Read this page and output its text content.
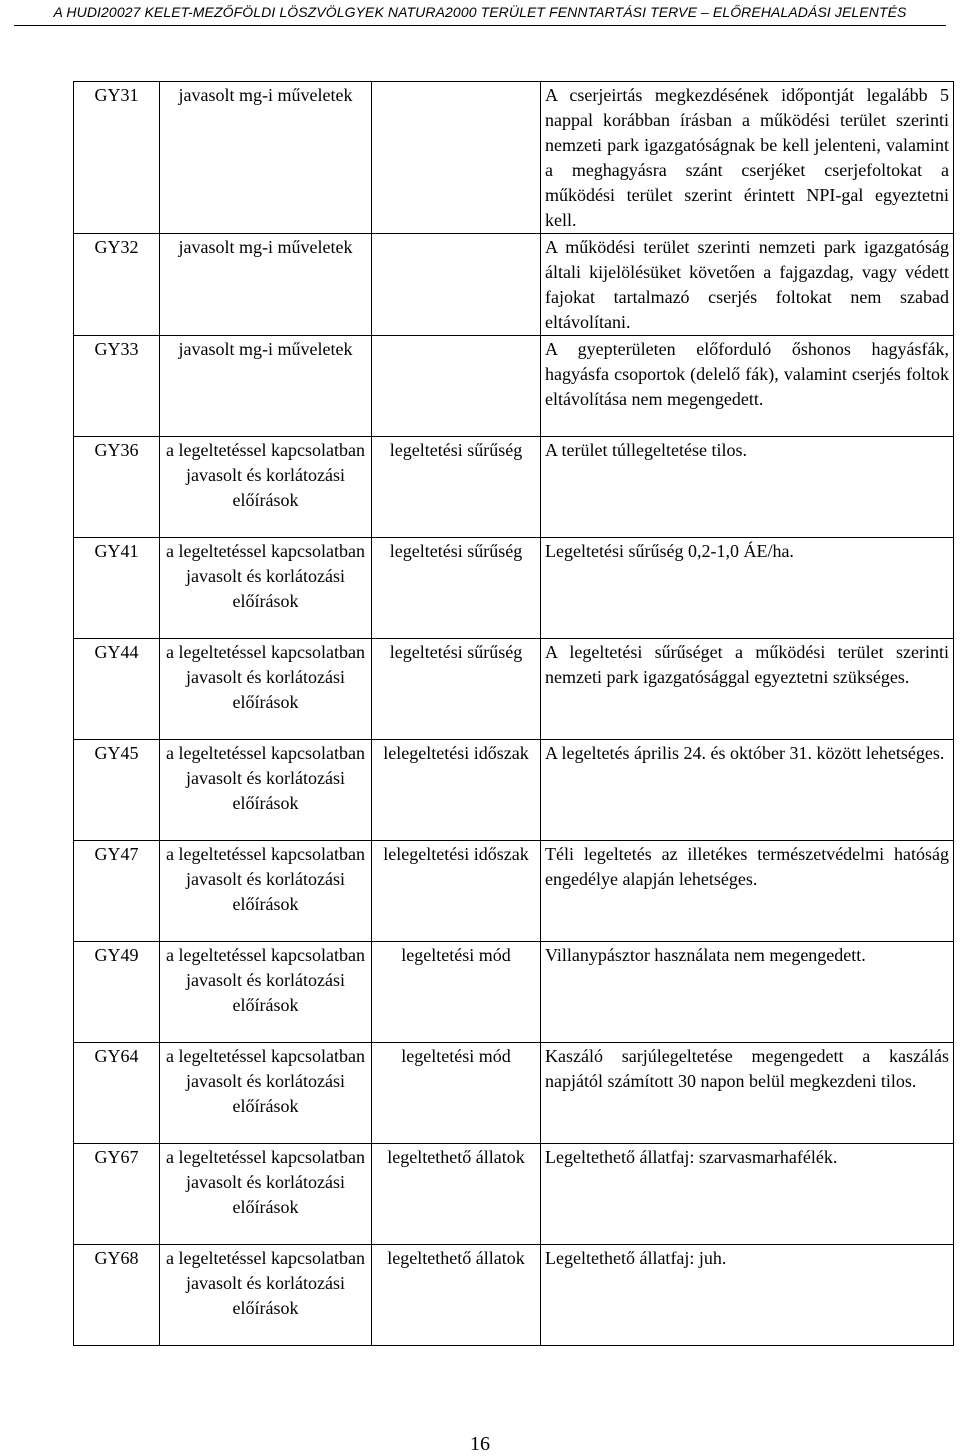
A HUDI20027 KELET-MEZŐFÖLDI LÖSZVÖLGYEK NATURA2000 TERÜLET FENNTARTÁSI TERVE – ELŐREHALADÁSI JELENTÉS
GY31	javasolt mg-i műveletek		A cserjeirtás megkezdésének időpontját legalább 5 nappal korábban írásban a működési terület szerinti nemzeti park igazgatóságnak be kell jelenteni, valamint a meghagyásra szánt cserjéket cserjefoltokat a működési terület szerint érintett NPI-gal egyeztetni kell.
GY32	javasolt mg-i műveletek		A működési terület szerinti nemzeti park igazgatóság általi kijelölésüket követően a fajgazdag, vagy védett fajokat tartalmazó cserjés foltokat nem szabad eltávolítani.
GY33	javasolt mg-i műveletek		A gyepterületen előforduló őshonos hagyásfák, hagyásfa csoportok (delelő fák), valamint cserjés foltok eltávolítása nem megengedett.
GY36	a legeltetéssel kapcsolatban javasolt és korlátozási előírások	legeltetési sűrűség	A terület túllegeltetése tilos.
GY41	a legeltetéssel kapcsolatban javasolt és korlátozási előírások	legeltetési sűrűség	Legeltetési sűrűség 0,2-1,0 ÁE/ha.
GY44	a legeltetéssel kapcsolatban javasolt és korlátozási előírások	legeltetési sűrűség	A legeltetési sűrűséget a működési terület szerinti nemzeti park igazgatósággal egyeztetni szükséges.
GY45	a legeltetéssel kapcsolatban javasolt és korlátozási előírások	lelegeltetési időszak	A legeltetés április 24. és október 31. között lehetséges.
GY47	a legeltetéssel kapcsolatban javasolt és korlátozási előírások	lelegeltetési időszak	Téli legeltetés az illetékes természetvédelmi hatóság engedélye alapján lehetséges.
GY49	a legeltetéssel kapcsolatban javasolt és korlátozási előírások	legeltetési mód	Villanypásztor használata nem megengedett.
GY64	a legeltetéssel kapcsolatban javasolt és korlátozási előírások	legeltetési mód	Kaszáló sarjúlegeltetése megengedett a kaszálás napjától számított 30 napon belül megkezdeni tilos.
GY67	a legeltetéssel kapcsolatban javasolt és korlátozási előírások	legeltethető állatok	Legeltethető állatfaj: szarvasmarhafélék.
GY68	a legeltetéssel kapcsolatban javasolt és korlátozási előírások	legeltethető állatok	Legeltethető állatfaj: juh.
16
